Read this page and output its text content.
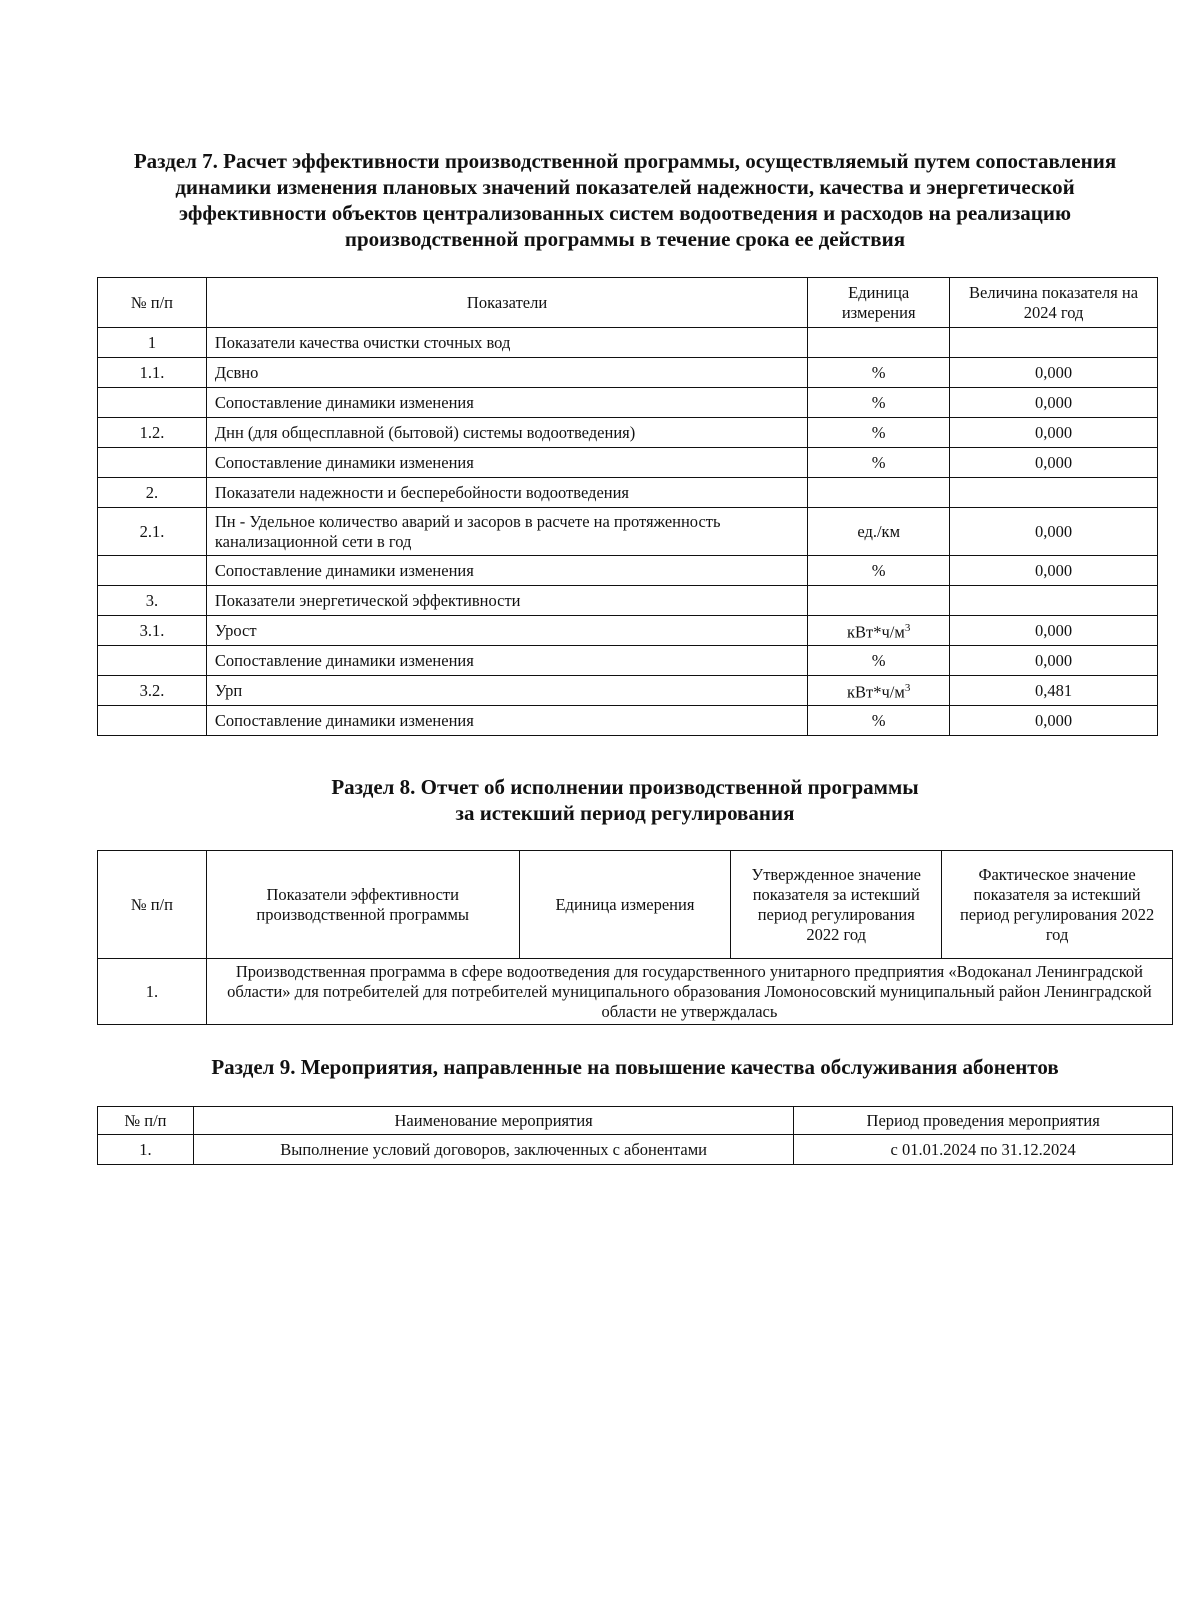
Раздел 7. Расчет эффективности производственной программы, осуществляемый путем сопоставления динамики изменения плановых значений показателей надежности, качества и энергетической эффективности объектов централизованных систем водоотведения и расходов на реализацию производственной программы в течение срока ее действия
№ п/п	Показатели	Единица измерения	Величина показателя на 2024 год
1	Показатели качества очистки сточных вод		
1.1.	Дсвно	%	0,000
	Сопоставление динамики изменения	%	0,000
1.2.	Днн (для общесплавной (бытовой) системы водоотведения)	%	0,000
	Сопоставление динамики изменения	%	0,000
2.	Показатели надежности и бесперебойности водоотведения		
2.1.	Пн - Удельное количество аварий и засоров в расчете на протяженность канализационной сети в год	ед./км	0,000
	Сопоставление динамики изменения	%	0,000
3.	Показатели энергетической эффективности		
3.1.	Урост	$кВт*ч/м^3$	0,000
	Сопоставление динамики изменения	%	0,000
3.2.	Урп	$кВт*ч/м^3$	0,481
	Сопоставление динамики изменения	%	0,000
Раздел 8. Отчет об исполнении производственной программы
за истекший период регулирования
№ п/п	Показатели эффективности производственной программы	Единица измерения	Утвержденное значение показателя за истекший период регулирования 2022 год	Фактическое значение показателя за истекший период регулирования 2022 год
1.	Производственная программа в сфере водоотведения для государственного унитарного предприятия «Водоканал Ленинградской области» для потребителей для потребителей муниципального образования Ломоносовский муниципальный район Ленинградской области не утверждалась			
Раздел 9. Мероприятия, направленные на повышение качества обслуживания абонентов
№ п/п	Наименование мероприятия	Период проведения мероприятия
1.	Выполнение условий договоров, заключенных с абонентами	с 01.01.2024 по 31.12.2024
